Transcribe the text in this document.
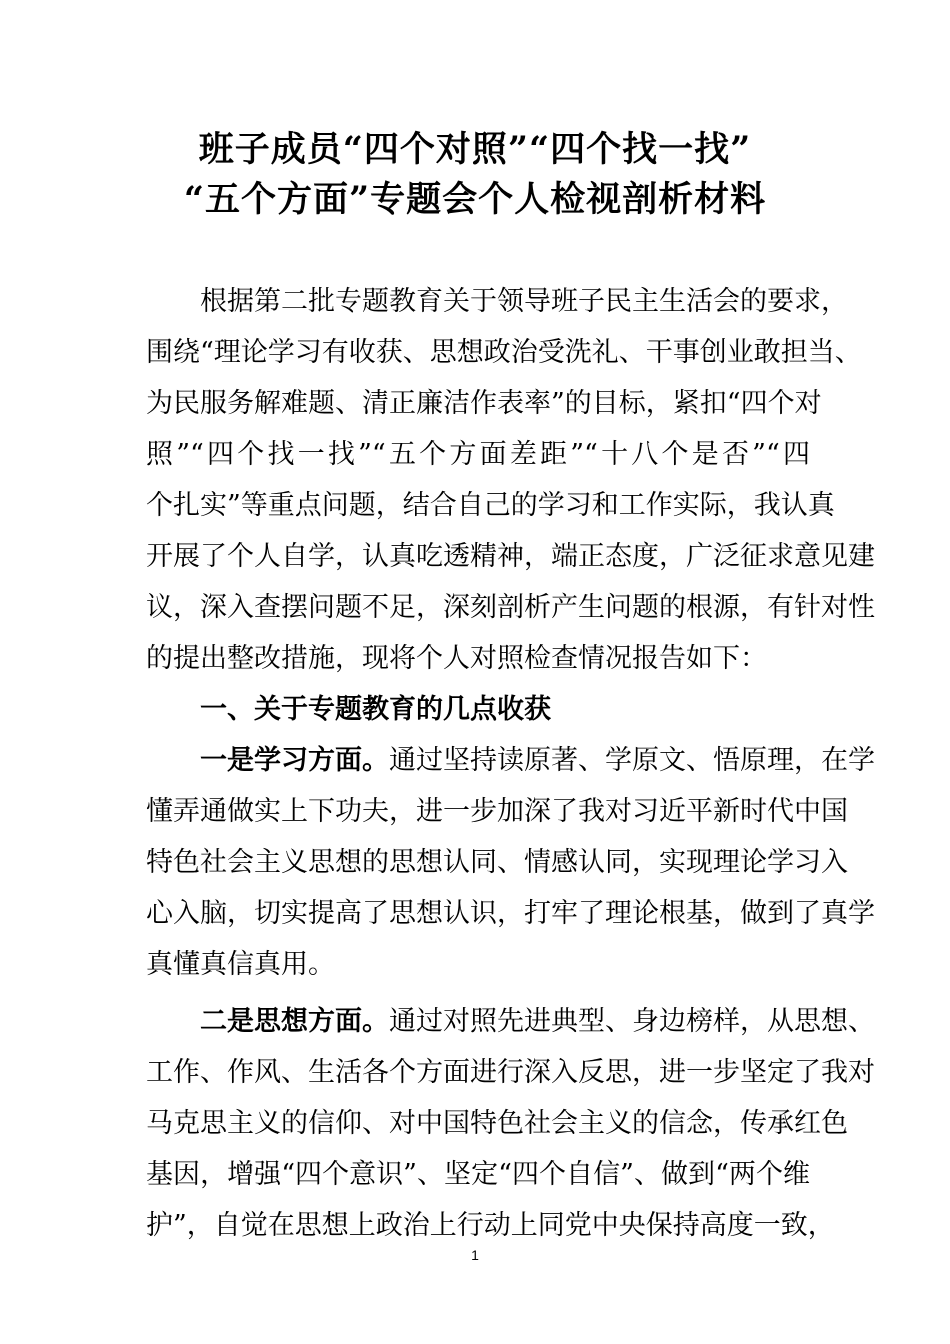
班子成员“四个对照”“四个找一找”
“五个方面”专题会个人检视剖析材料
根据第二批专题教育关于领导班子民主生活会的要求，
围绕“理论学习有收获、思想政治受洗礼、干事创业敢担当、
为民服务解难题、清正廉洁作表率”的目标，紧扣“四个对
照”“四个找一找”“五个方面差距”“十八个是否”“四
个扎实”等重点问题，结合自己的学习和工作实际，我认真
开展了个人自学，认真吃透精神，端正态度，广泛征求意见建
议，深入查摆问题不足，深刻剖析产生问题的根源，有针对性
的提出整改措施，现将个人对照检查情况报告如下：
一、关于专题教育的几点收获
一是学习方面。通过坚持读原著、学原文、悟原理，在学
懂弄通做实上下功夫，进一步加深了我对习近平新时代中国
特色社会主义思想的思想认同、情感认同，实现理论学习入
心入脑，切实提高了思想认识，打牢了理论根基，做到了真学
真懂真信真用。
二是思想方面。通过对照先进典型、身边榜样，从思想、
工作、作风、生活各个方面进行深入反思，进一步坚定了我对
马克思主义的信仰、对中国特色社会主义的信念，传承红色
基因，增强“四个意识”、坚定“四个自信”、做到“两个维
护”，自觉在思想上政治上行动上同党中央保持高度一致，
1
